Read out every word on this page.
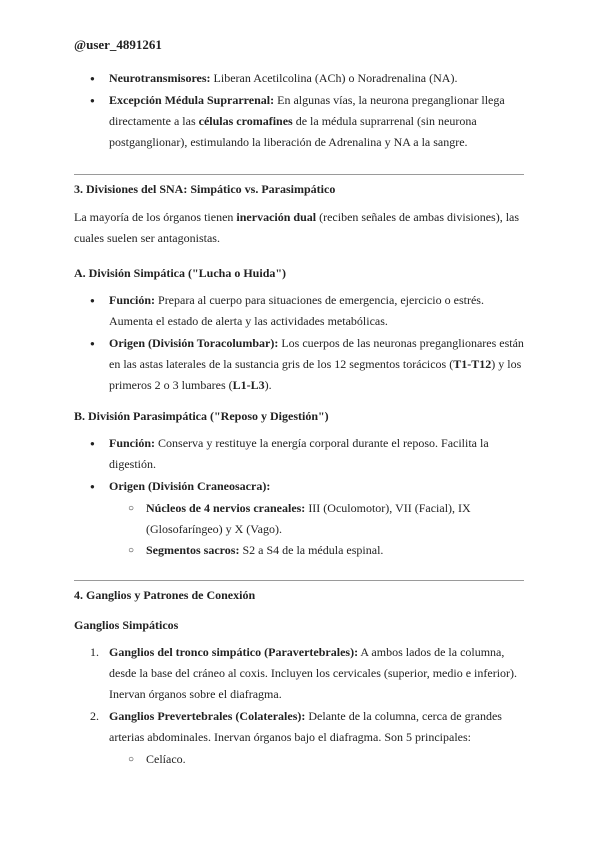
@user_4891261
● Neurotransmisores: Liberan Acetilcolina (ACh) o Noradrenalina (NA).
● Excepción Médula Suprarrenal: En algunas vías, la neurona preganglionar llega directamente a las células cromafines de la médula suprarrenal (sin neurona postganglionar), estimulando la liberación de Adrenalina y NA a la sangre.
3. Divisiones del SNA: Simpático vs. Parasimpático
La mayoría de los órganos tienen inervación dual (reciben señales de ambas divisiones), las cuales suelen ser antagonistas.
A. División Simpática ("Lucha o Huida")
● Función: Prepara al cuerpo para situaciones de emergencia, ejercicio o estrés. Aumenta el estado de alerta y las actividades metabólicas.
● Origen (División Toracolumbar): Los cuerpos de las neuronas preganglionares están en las astas laterales de la sustancia gris de los 12 segmentos torácicos (T1-T12) y los primeros 2 o 3 lumbares (L1-L3).
B. División Parasimpática ("Reposo y Digestión")
● Función: Conserva y restituye la energía corporal durante el reposo. Facilita la digestión.
● Origen (División Craneosacra):
○ Núcleos de 4 nervios craneales: III (Oculomotor), VII (Facial), IX (Glosofaríngeo) y X (Vago).
○ Segmentos sacros: S2 a S4 de la médula espinal.
4. Ganglios y Patrones de Conexión
Ganglios Simpáticos
1. Ganglios del tronco simpático (Paravertebrales): A ambos lados de la columna, desde la base del cráneo al coxis. Incluyen los cervicales (superior, medio e inferior). Inervan órganos sobre el diafragma.
2. Ganglios Prevertebrales (Colaterales): Delante de la columna, cerca de grandes arterias abdominales. Inervan órganos bajo el diafragma. Son 5 principales:
○ Celíaco.
